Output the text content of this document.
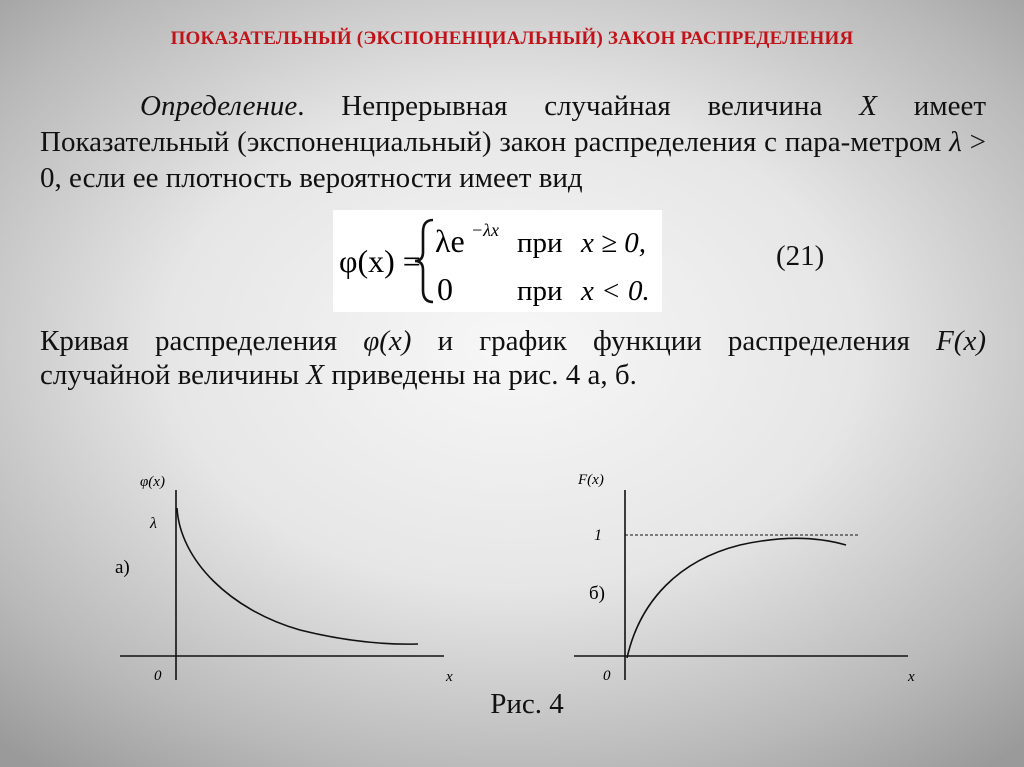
ПОКАЗАТЕЛЬНЫЙ (ЭКСПОНЕНЦИАЛЬНЫЙ) ЗАКОН РАСПРЕДЕЛЕНИЯ
Определение. Непрерывная случайная величина X имеет Показательный (экспоненциальный) закон распределения с пара-метром λ > 0, если ее плотность вероятности имеет вид
φ(x) =
λe −λx при x ≥ 0,
0 при x < 0.
(21)
Кривая распределения φ(x) и график функции распределения F(x) случайной величины X приведены на рис. 4 а, б.
φ(x)
λ
а)
0	x
F(x)
1
б)
0	x
Рис. 4
